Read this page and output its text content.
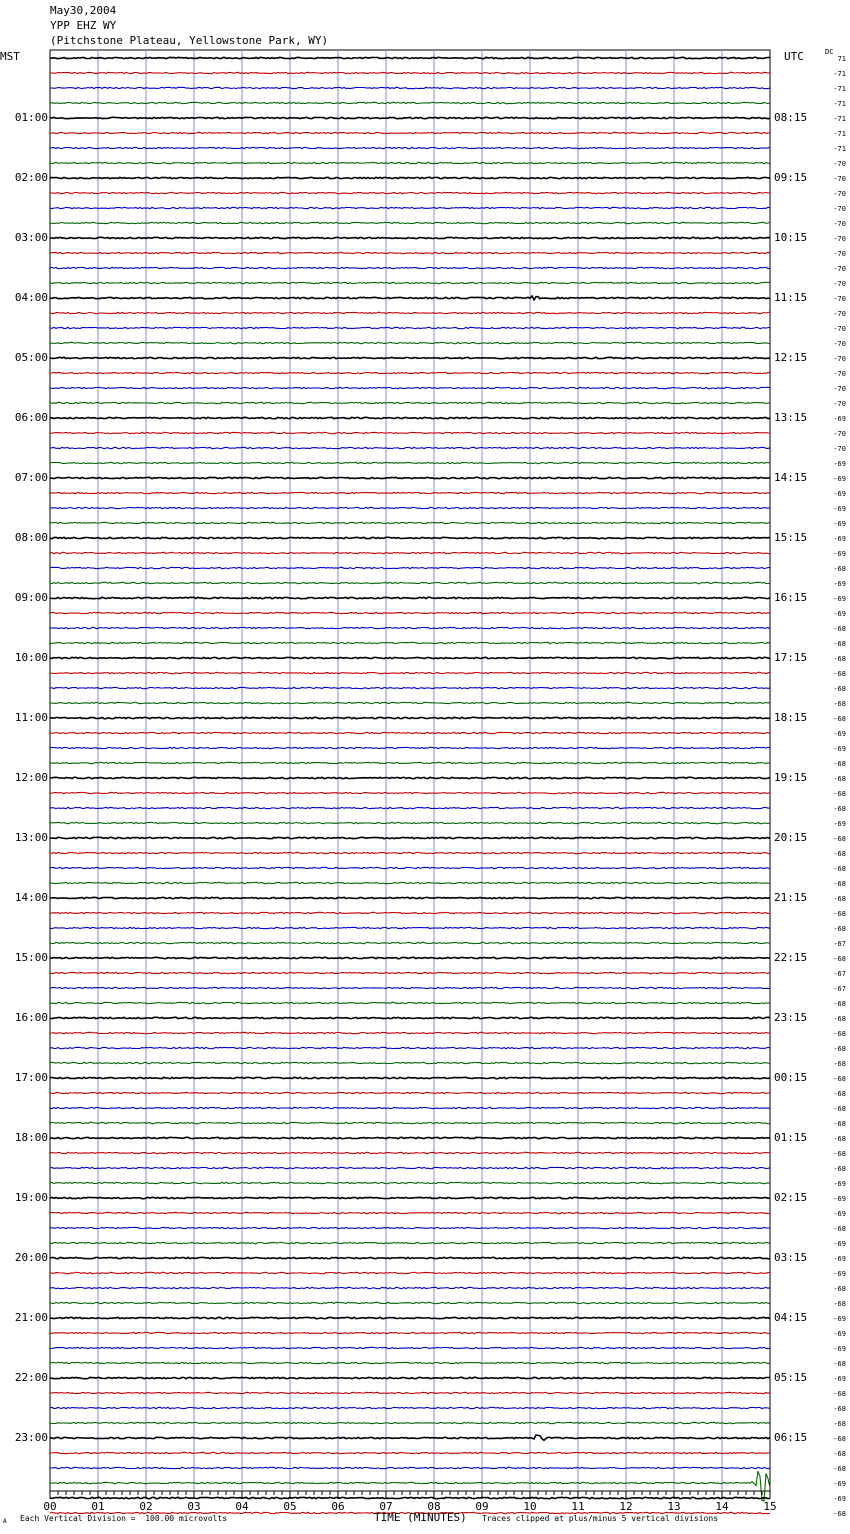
May30,2004
YPP EHZ WY
(Pitchstone Plateau, Yellowstone Park, WY)
MST	UTC	DC
71
-71
-71
-71
-71
-71
-71
-70
-70
-70
-70
-70
-70
-70
-70
-70
-70
-70
-70
-70
-70
-70
-70
-70
-69
-70
-70
-69
-69
-69
-69
-69
-69
-69
-68
-69
-69
-69
-68
-68
-68
-68
-68
-68
-68
-69
-69
-68
-68
-68
-68
-69
-68
-68
-68
-68
-68
-68
-68
-67
-68
-67
-67
-68
-68
-68
-68
-68
-68
-68
-68
-68
-68
-68
-68
-69
-69
-69
-68
-69
-69
-69
-68
-68
-69
-69
-69
-68
-69
-68
-68
-68
-68
-68
-68
-69
-69
-68
01:00
02:00
03:00
04:00
05:00
06:00
07:00
08:00
09:00
10:00
11:00
12:00
13:00
14:00
15:00
16:00
17:00
18:00
19:00
20:00
21:00
22:00
23:00
08:15
09:15
10:15
11:15
12:15
13:15
14:15
15:15
16:15
17:15
18:15
19:15
20:15
21:15
22:15
23:15
00:15
01:15
02:15
03:15
04:15
05:15
06:15
00	01	02	03	04	05	06	07	08	09	10	11	12	13	14	15
A Each Vertical Division =  100.00 microvolts	TIME (MINUTES) Traces clipped at plus/minus 5 vertical divisions
